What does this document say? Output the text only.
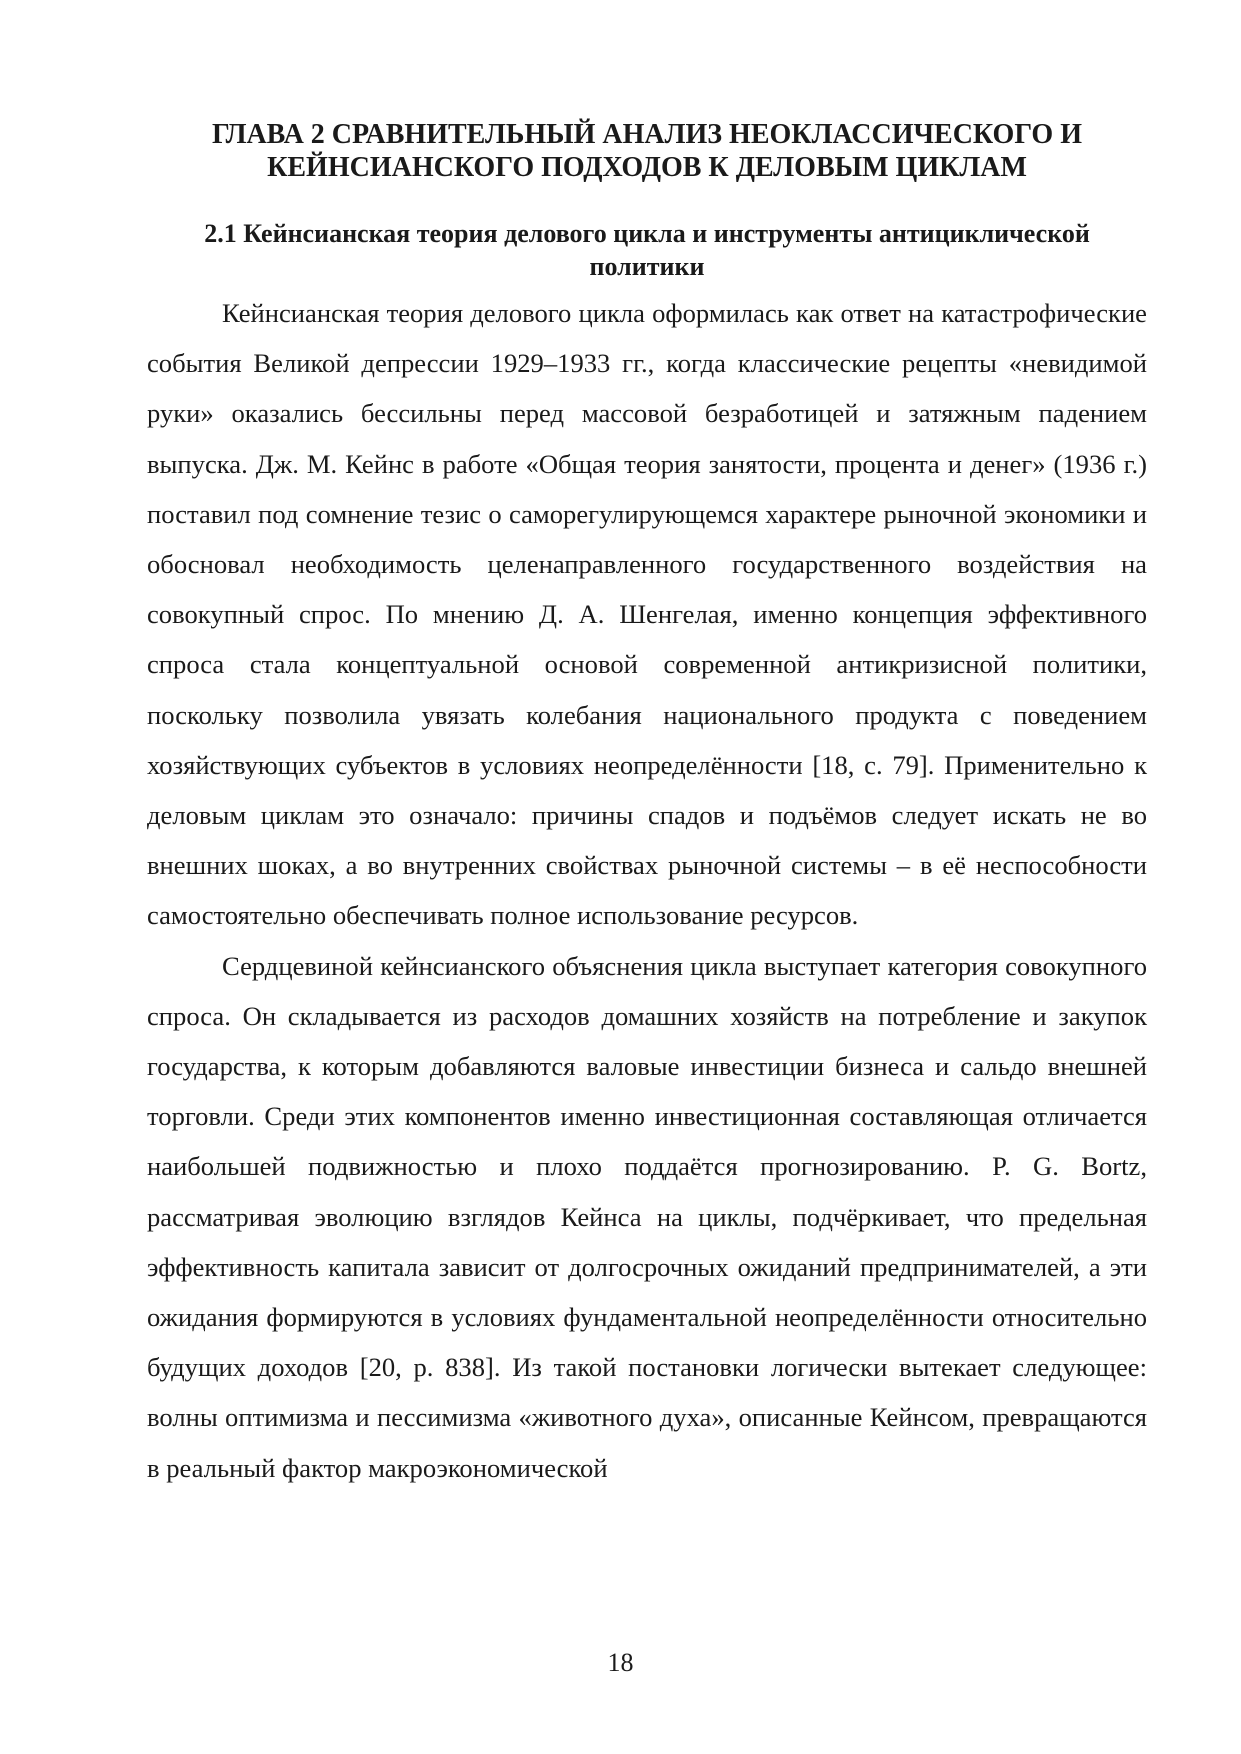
ГЛАВА 2 СРАВНИТЕЛЬНЫЙ АНАЛИЗ НЕОКЛАССИЧЕСКОГО И
КЕЙНСИАНСКОГО ПОДХОДОВ К ДЕЛОВЫМ ЦИКЛАМ
2.1 Кейнсианская теория делового цикла и инструменты антициклической
политики

Кейнсианская теория делового цикла оформилась как ответ на катастрофические события Великой депрессии 1929–1933 гг., когда классические рецепты «невидимой руки» оказались бессильны перед массовой безработицей и затяжным падением выпуска. Дж. М. Кейнс в работе «Общая теория занятости, процента и денег» (1936 г.) поставил под сомнение тезис о саморегулирующемся характере рыночной экономики и обосновал необходимость целенаправленного государственного воздействия на совокупный спрос. По мнению Д. А. Шенгелая, именно концепция эффективного спроса стала концептуальной основой современной антикризисной политики, поскольку позволила увязать колебания национального продукта с поведением хозяйствующих субъектов в условиях неопределённости [18, с. 79]. Применительно к деловым циклам это означало: причины спадов и подъёмов следует искать не во внешних шоках, а во внутренних свойствах рыночной системы – в её неспособности самостоятельно обеспечивать полное использование ресурсов.

Сердцевиной кейнсианского объяснения цикла выступает категория совокупного спроса. Он складывается из расходов домашних хозяйств на потребление и закупок государства, к которым добавляются валовые инвестиции бизнеса и сальдо внешней торговли. Среди этих компонентов именно инвестиционная составляющая отличается наибольшей подвижностью и плохо поддаётся прогнозированию. P. G. Bortz, рассматривая эволюцию взглядов Кейнса на циклы, подчёркивает, что предельная эффективность капитала зависит от долгосрочных ожиданий предпринимателей, а эти ожидания формируются в условиях фундаментальной неопределённости относительно будущих доходов [20, p. 838]. Из такой постановки логически вытекает следующее: волны оптимизма и пессимизма «животного духа», описанные Кейнсом, превращаются в реальный фактор макроэкономической

18
